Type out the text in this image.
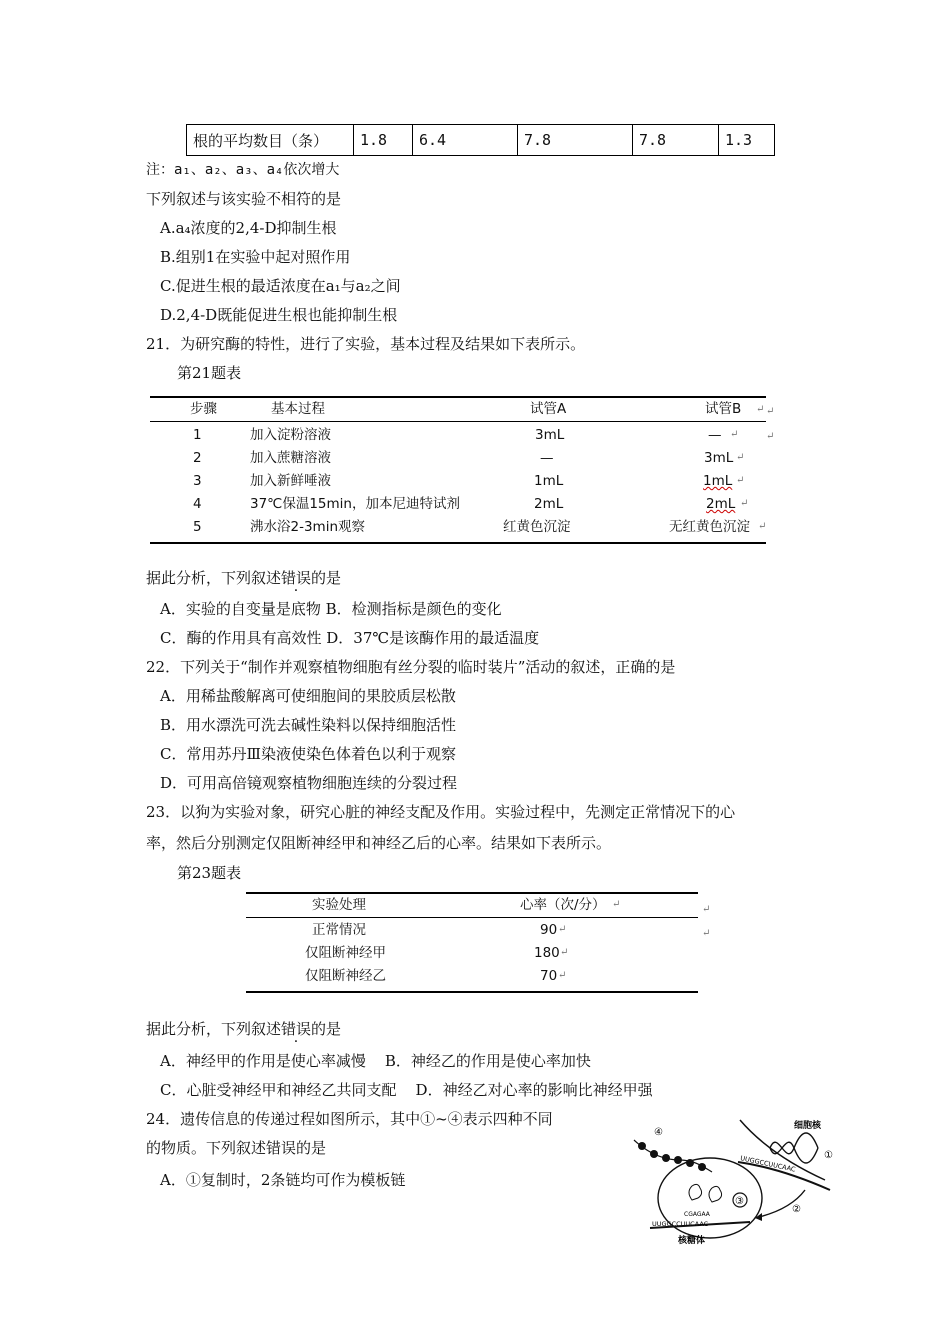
根的平均数目（条）	1.8	6.4	7.8	7.8	1.3
注：a₁、a₂、a₃、a₄依次增大
下列叙述与该实验不相符的是
A.a₄浓度的2,4-D抑制生根
B.组别1在实验中起对照作用
C.促进生根的最适浓度在a₁与a₂之间
D.2,4-D既能促进生根也能抑制生根
21．为研究酶的特性，进行了实验，基本过程及结果如下表所示。
第21题表
步骤	基本过程	试管A	试管B ↵ ↵
1	加入淀粉溶液	3mL	— ↵	↵
2	加入蔗糖溶液	—	3mL ↵
3	加入新鲜唾液	1mL	1mL ↵
4	37℃保温15min，加本尼迪特试剂	2mL	2mL ↵
5	沸水浴2-3min观察	红黄色沉淀	无红黄色沉淀 ↵
据此分析，下列叙述错误的是
A．实验的自变量是底物 B．检测指标是颜色的变化
C．酶的作用具有高效性 D．37℃是该酶作用的最适温度
22．下列关于“制作并观察植物细胞有丝分裂的临时装片”活动的叙述，正确的是
A．用稀盐酸解离可使细胞间的果胶质层松散
B．用水漂洗可洗去碱性染料以保持细胞活性
C．常用苏丹Ⅲ染液使染色体着色以利于观察
D．可用高倍镜观察植物细胞连续的分裂过程
23．以狗为实验对象，研究心脏的神经支配及作用。实验过程中，先测定正常情况下的心
率，然后分别测定仅阻断神经甲和神经乙后的心率。结果如下表所示。
第23题表
实验处理	心率（次/分） ↵	↵
正常情况	90 ↵	↵
仅阻断神经甲	180 ↵
仅阻断神经乙	70 ↵
据此分析，下列叙述错误的是
A．神经甲的作用是使心率减慢    B．神经乙的作用是使心率加快
C．心脏受神经甲和神经乙共同支配    D．神经乙对心率的影响比神经甲强
24．遗传信息的传递过程如图所示，其中①~④表示四种不同
的物质。下列叙述错误的是
A．①复制时，2条链均可作为模板链
细胞核
①
UUGGCCUUCAAC
②
④
③
CGAGAA
UUGGCCUUCAAC
核糖体
